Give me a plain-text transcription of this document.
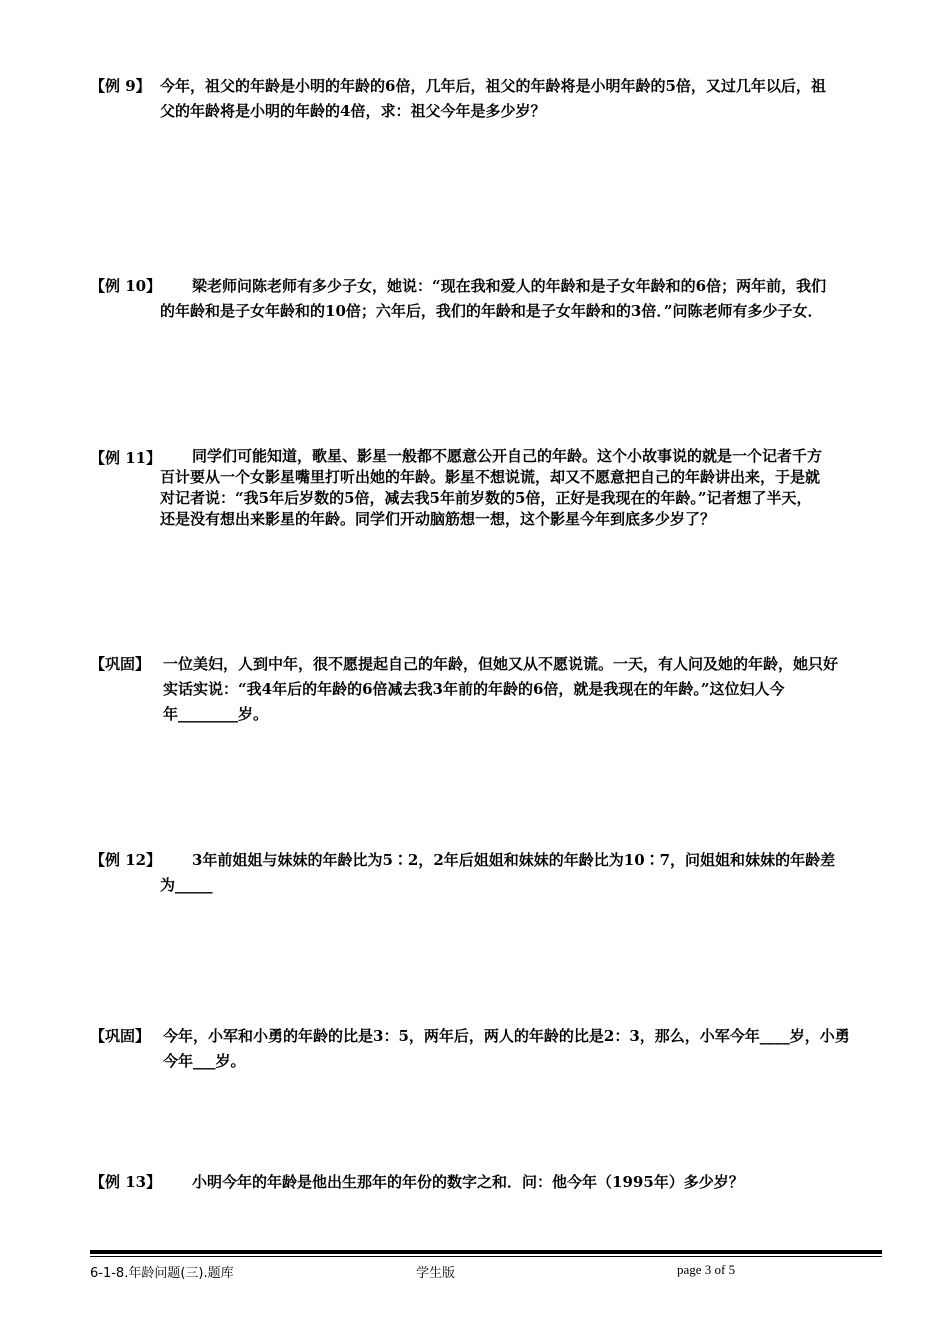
【例 9】 今年，祖父的年龄是小明的年龄的6倍，几年后，祖父的年龄将是小明年龄的5倍，又过几年以后，祖
父的年龄将是小明的年龄的4倍，求：祖父今年是多少岁？
【例 10】	梁老师问陈老师有多少子女，她说：“现在我和爱人的年龄和是子女年龄和的6倍；两年前，我们
的年龄和是子女年龄和的10倍；六年后，我们的年龄和是子女年龄和的3倍．”问陈老师有多少子女．
【例 11】	同学们可能知道，歌星、影星一般都不愿意公开自己的年龄。这个小故事说的就是一个记者千方
百计要从一个女影星嘴里打听出她的年龄。影星不想说谎，却又不愿意把自己的年龄讲出来，于是就
对记者说：“我5年后岁数的5倍，减去我5年前岁数的5倍，正好是我现在的年龄。”记者想了半天，
还是没有想出来影星的年龄。同学们开动脑筋想一想，这个影星今年到底多少岁了？
【巩固】 一位美妇，人到中年，很不愿提起自己的年龄，但她又从不愿说谎。一天，有人问及她的年龄，她只好
实话实说：“我4年后的年龄的6倍减去我3年前的年龄的6倍，就是我现在的年龄。”这位妇人今
年________岁。
【例 12】	3年前姐姐与妹妹的年龄比为5∶2，2年后姐姐和妹妹的年龄比为10∶7，问姐姐和妹妹的年龄差
为_____
【巩固】 今年，小军和小勇的年龄的比是3：5，两年后，两人的年龄的比是2：3，那么，小军今年____岁，小勇
今年___岁。
【例 13】	小明今年的年龄是他出生那年的年份的数字之和．问：他今年（1995年）多少岁？
6-1-8.年龄问题(三).题库	学生版	page 3 of 5
